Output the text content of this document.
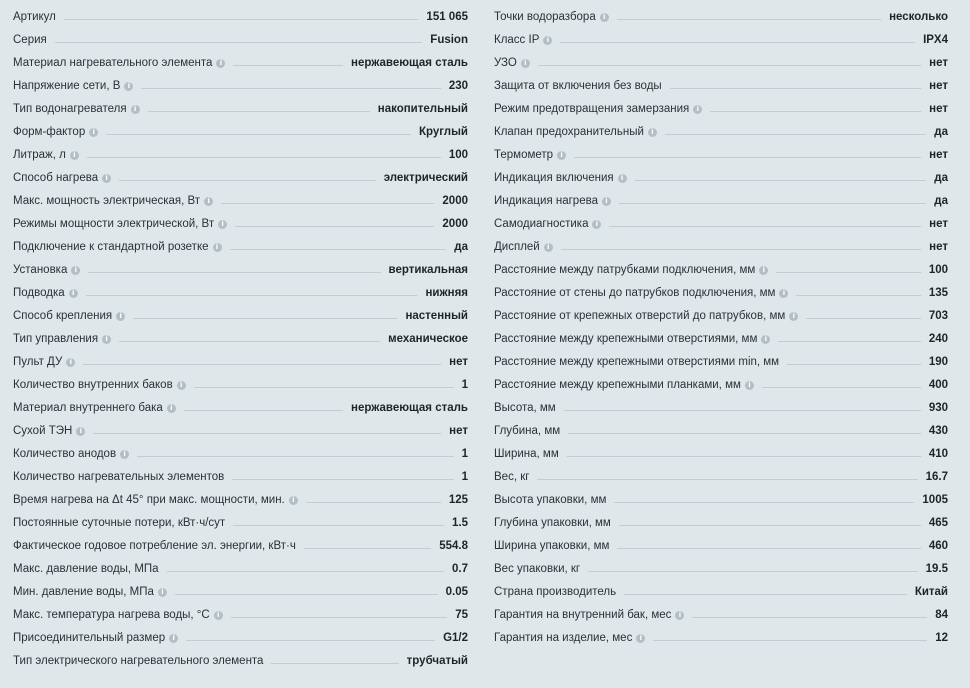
Артикул	151 065
Серия	Fusion
Материал нагревательного элемента	i	нержавеющая сталь
Напряжение сети, В	i	230
Тип водонагревателя	i	накопительный
Форм-фактор	i	Круглый
Литраж, л	i	100
Способ нагрева	i	электрический
Макс. мощность электрическая, Вт	i	2000
Режимы мощности электрической, Вт	i	2000
Подключение к стандартной розетке	i	да
Установка	i	вертикальная
Подводка	i	нижняя
Способ крепления	i	настенный
Тип управления	i	механическое
Пульт ДУ	i	нет
Количество внутренних баков	i	1
Материал внутреннего бака	i	нержавеющая сталь
Сухой ТЭН	i	нет
Количество анодов	i	1
Количество нагревательных элементов	1
Время нагрева на Δt 45° при макс. мощности, мин.	i	125
Постоянные суточные потери, кВт·ч/сут	1.5
Фактическое годовое потребление эл. энергии, кВт·ч	554.8
Макс. давление воды, МПа	0.7
Мин. давление воды, МПа	i	0.05
Макс. температура нагрева воды, °С	i	75
Присоединительный размер	i	G1/2
Тип электрического нагревательного элемента	трубчатый
Точки водоразбора	i	несколько
Класс IP	i	IPX4
УЗО	i	нет
Защита от включения без воды	нет
Режим предотвращения замерзания	i	нет
Клапан предохранительный	i	да
Термометр	i	нет
Индикация включения	i	да
Индикация нагрева	i	да
Самодиагностика	i	нет
Дисплей	i	нет
Расстояние между патрубками подключения, мм	i	100
Расстояние от стены до патрубков подключения, мм	i	135
Расстояние от крепежных отверстий до патрубков, мм	i	703
Расстояние между крепежными отверстиями, мм	i	240
Расстояние между крепежными отверстиями min, мм	190
Расстояние между крепежными планками, мм	i	400
Высота, мм	930
Глубина, мм	430
Ширина, мм	410
Вес, кг	16.7
Высота упаковки, мм	1005
Глубина упаковки, мм	465
Ширина упаковки, мм	460
Вес упаковки, кг	19.5
Страна производитель	Китай
Гарантия на внутренний бак, мес	i	84
Гарантия на изделие, мес	i	12
